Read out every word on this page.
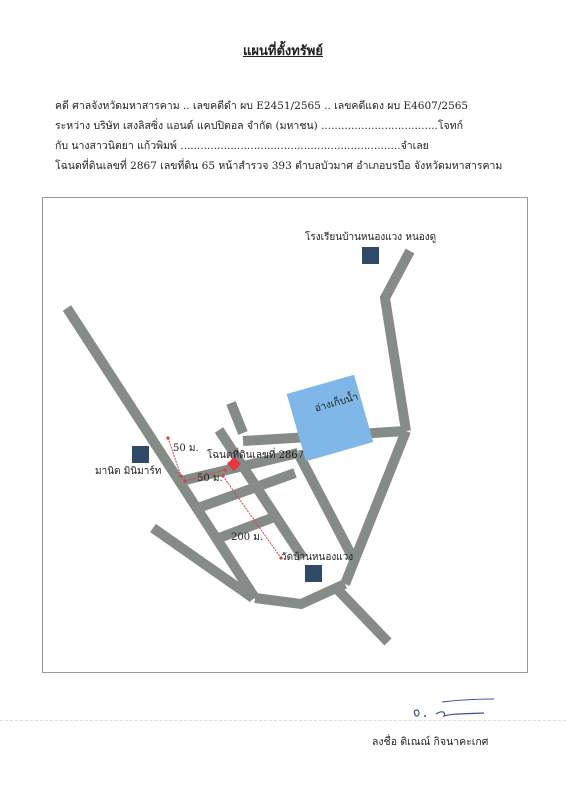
แผนที่ตั้งทรัพย์
คดี ศาลจังหวัดมหาสารคาม .. เลขคดีดำ ผบ E2451/2565 .. เลขคดีแดง ผบ E4607/2565
ระหว่าง บริษัท เสงลิสซิ่ง แอนด์ แคปปิตอล จำกัด (มหาชน) ...................................โจทก์
กับ นางสาวนิตยา แก้วพิมพ์ ..................................................................จำเลย
โฉนดที่ดินเลขที่ 2867 เลขที่ดิน 65 หน้าสำรวจ 393 ตำบลบัวมาศ อำเภอบรบือ จังหวัดมหาสารคาม
โรงเรียนบ้านหนองแวง หนองดู
อ่างเก็บน้ำ
มานิต มินิมาร์ท
โฉนดที่ดินเลขที่ 2867
วัดบ้านหนองแวง
50 ม.
50 ม.
200 ม.
ลงชื่อ ดิเณณ์ กิจนาคะเกศ
